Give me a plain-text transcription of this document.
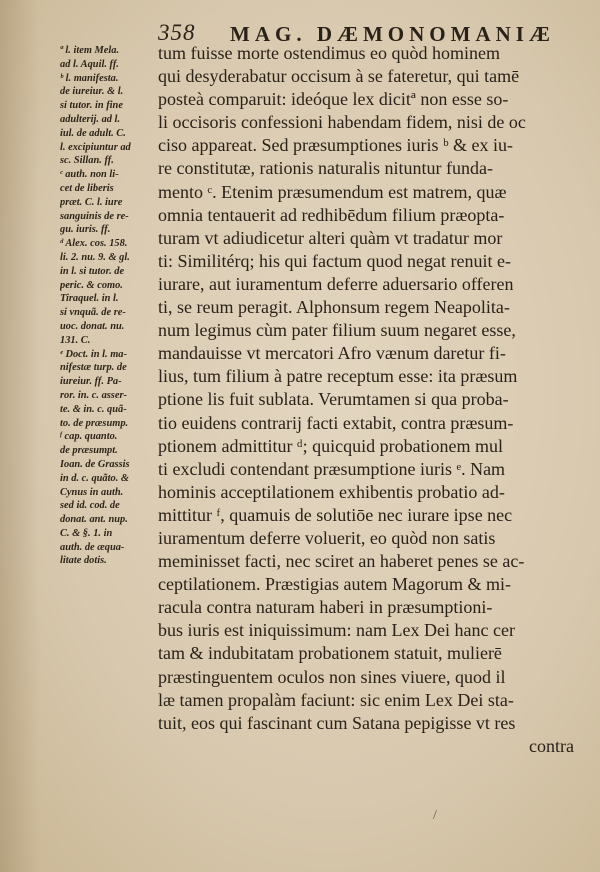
358 MAG. DÆMONOMANIÆ
ª l. item Mela.
ad l. Aquil. ff.
ᵇ l. manifesta.
de iureiur. & l.
si tutor. in fine
adulterij. ad l.
iul. de adult. C.
l. excipiuntur ad
sc. Sillan. ff.
ᶜ auth. non li-
cet de liberis
præt. C. l. iure
sanguinis de re-
gu. iuris. ff.
ᵈ Alex. cos. 158.
li. 2. nu. 9. & gl.
in l. si tutor. de
peric. & como.
Tiraquel. in l.
si vnquã. de re-
uoc. donat. nu.
131. C.
ᵉ Doct. in l. ma-
nifestæ turp. de
iureiur. ff. Pa-
ror. in. c. asser-
te. & in. c. quã-
to. de præsump.
ᶠ cap. quanto.
de præsumpt.
Ioan. de Grassis
in d. c. quãto. &
Cynus in auth.
sed id. cod. de
donat. ant. nup.
C. & §. 1. in
auth. de æqua-
litate dotis.
tum fuisse morte ostendimus eo quòd hominem
qui desyderabatur occisum à se fateretur, qui tamē
posteà comparuit: ideóque lex dicitª non esse so-
li occisoris confessioni habendam fidem, nisi de oc
ciso appareat. Sed præsumptiones iuris ᵇ & ex iu-
re constitutæ, rationis naturalis nituntur funda-
mento ᶜ. Etenim præsumendum est matrem, quæ
omnia tentauerit ad redhibēdum filium præopta-
turam vt adiudicetur alteri quàm vt tradatur mor
ti: Similitérq; his qui factum quod negat renuit e-
iurare, aut iuramentum deferre aduersario offeren
ti, se reum peragit. Alphonsum regem Neapolita-
num legimus cùm pater filium suum negaret esse,
mandauisse vt mercatori Afro vænum daretur fi-
lius, tum filium à patre receptum esse: ita præsum
ptione lis fuit sublata. Verumtamen si qua proba-
tio euidens contrarij facti extabit, contra præsum-
ptionem admittitur ᵈ; quicquid probationem mul
ti excludi contendant præsumptione iuris ᵉ. Nam
hominis acceptilationem exhibentis probatio ad-
mittitur ᶠ, quamuis de solutiōe nec iurare ipse nec
iuramentum deferre voluerit, eo quòd non satis
meminisset facti, nec sciret an haberet penes se ac-
ceptilationem. Præstigias autem Magorum & mi-
racula contra naturam haberi in præsumptioni-
bus iuris est iniquissimum: nam Lex Dei hanc cer
tam & indubitatam probationem statuit, mulierē
præstinguentem oculos non sines viuere, quod il
læ tamen propalàm faciunt: sic enim Lex Dei sta-
tuit, eos qui fascinant cum Satana pepigisse vt res
contra
/
